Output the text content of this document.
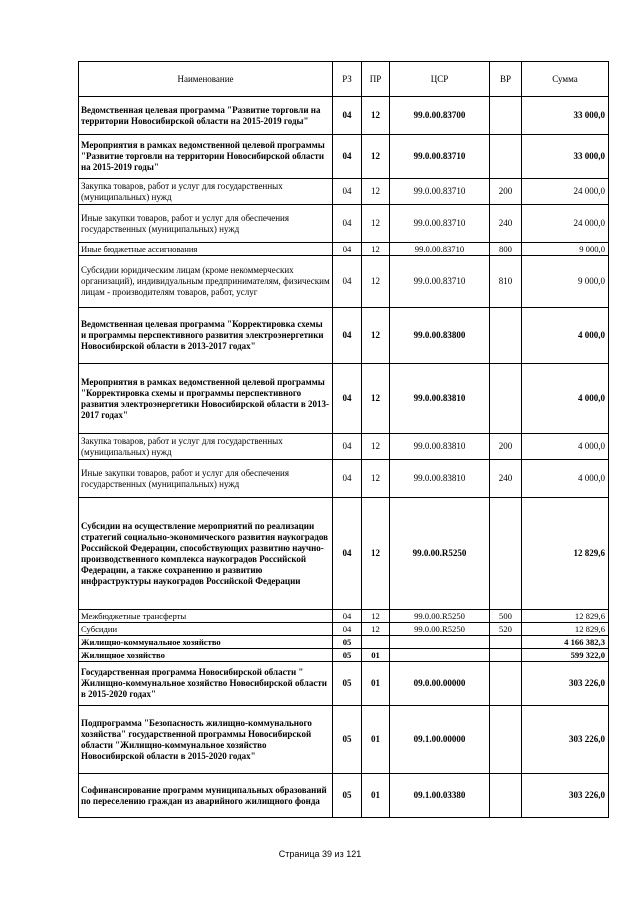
Наименование	РЗ	ПР	ЦСР	ВР	Сумма
Ведомственная целевая программа "Развитие торговли на территории Новосибирской области на 2015-2019 годы"	04	12	99.0.00.83700		33 000,0
Мероприятия в рамках ведомственной целевой программы "Развитие торговли на территории Новосибирской области на 2015-2019 годы"	04	12	99.0.00.83710		33 000,0
Закупка товаров, работ и услуг для государственных (муниципальных) нужд	04	12	99.0.00.83710	200	24 000,0
Иные закупки товаров, работ и услуг для обеспечения государственных (муниципальных) нужд	04	12	99.0.00.83710	240	24 000,0
Иные бюджетные ассигнования	04	12	99.0.00.83710	800	9 000,0
Субсидии юридическим лицам (кроме некоммерческих организаций), индивидуальным предпринимателям, физическим лицам - производителям товаров, работ, услуг	04	12	99.0.00.83710	810	9 000,0
Ведомственная целевая программа "Корректировка схемы и программы перспективного развития электроэнергетики Новосибирской области в 2013-2017 годах"	04	12	99.0.00.83800		4 000,0
Мероприятия в рамках ведомственной целевой программы "Корректировка схемы и программы перспективного развития электроэнергетики Новосибирской области в 2013-2017 годах"	04	12	99.0.00.83810		4 000,0
Закупка товаров, работ и услуг для государственных (муниципальных) нужд	04	12	99.0.00.83810	200	4 000,0
Иные закупки товаров, работ и услуг для обеспечения государственных (муниципальных) нужд	04	12	99.0.00.83810	240	4 000,0
Субсидии на осуществление мероприятий по реализации стратегий социально-экономического развития наукоградов Российской Федерации, способствующих развитию научно-производственного комплекса наукоградов Российской Федерации, а также сохранению и развитию инфраструктуры наукоградов Российской Федерации	04	12	99.0.00.R5250		12 829,6
Межбюджетные трансферты	04	12	99.0.00.R5250	500	12 829,6
Субсидии	04	12	99.0.00.R5250	520	12 829,6
Жилищно-коммунальное хозяйство	05				4 166 382,3
Жилищное хозяйство	05	01			599 322,0
Государственная программа Новосибирской области " Жилищно-коммунальное хозяйство Новосибирской области в 2015-2020 годах"	05	01	09.0.00.00000		303 226,0
Подпрограмма "Безопасность жилищно-коммунального хозяйства" государственной программы Новосибирской области "Жилищно-коммунальное хозяйство Новосибирской области в 2015-2020 годах"	05	01	09.1.00.00000		303 226,0
Софинансирование программ муниципальных образований по переселению граждан из аварийного жилищного фонда	05	01	09.1.00.03380		303 226,0
Страница 39 из 121
